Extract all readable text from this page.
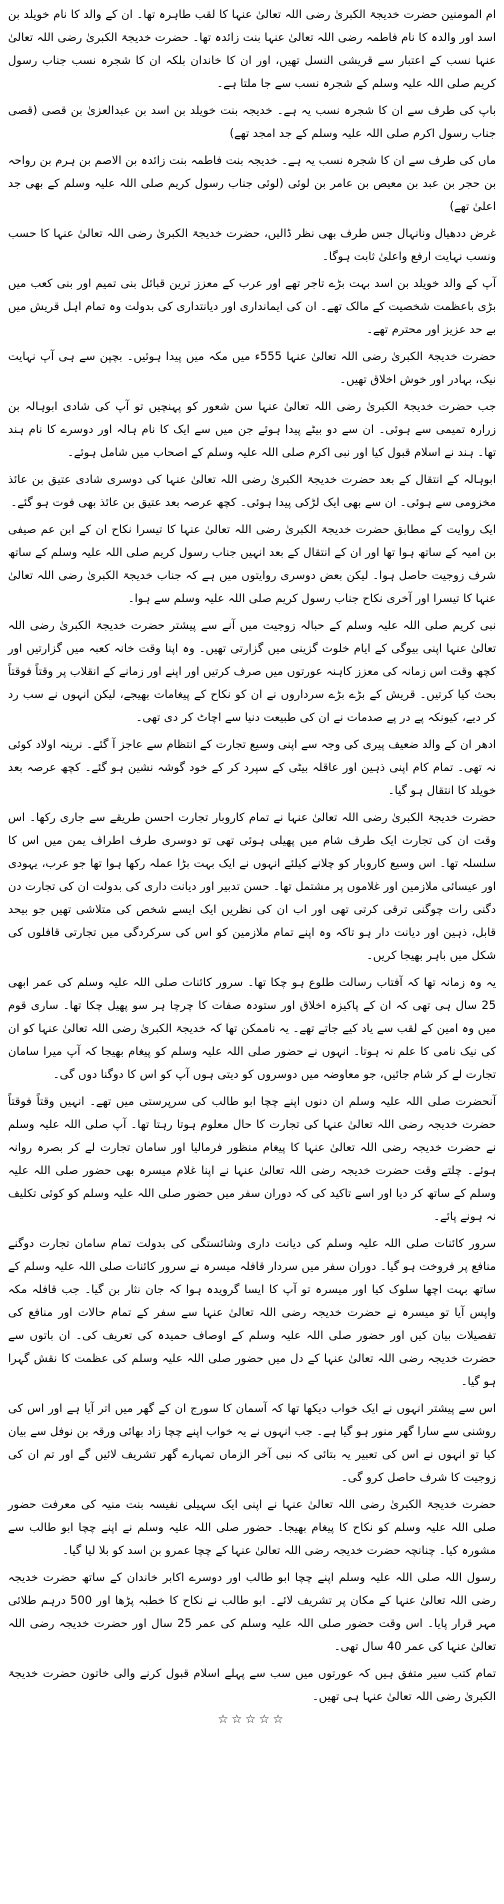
ام المومنین حضرت خدیجۃ الکبریٰ رضی اللہ تعالیٰ عنہا کا لقب طاہرہ تھا۔ ان کے والد کا نام خویلد بن اسد اور والدہ کا نام فاطمہ رضی اللہ تعالیٰ عنہا بنت زائدہ تھا۔ حضرت خدیجۃ الکبریٰ رضی اللہ تعالیٰ عنہا نسب کے اعتبار سے قریشی النسل تھیں، اور ان کا خاندان بلکہ ان کا شجرہ نسب جناب رسول کریم صلی اللہ علیہ وسلم کے شجرہ نسب سے جا ملتا ہے۔

باپ کی طرف سے ان کا شجرہ نسب یہ ہے۔ خدیجہ بنت خویلد بن اسد بن عبدالعزیٰ بن قصی (قصی جناب رسول اکرم صلی اللہ علیہ وسلم کے جد امجد تھے)

ماں کی طرف سے ان کا شجرہ نسب یہ ہے۔ خدیجہ بنت فاطمہ بنت زائدہ بن الاصم بن ہرم بن رواحہ بن حجر بن عبد بن معیص بن عامر بن لوئی (لوئی جناب رسول کریم صلی اللہ علیہ وسلم کے بھی جد اعلیٰ تھے)

غرض ددھیال ونانہال جس طرف بھی نظر ڈالیں، حضرت خدیجۃ الکبریٰ رضی اللہ تعالیٰ عنہا کا حسب ونسب نہایت ارفع واعلیٰ ثابت ہوگا۔

آپ کے والد خویلد بن اسد بہت بڑے تاجر تھے اور عرب کے معزز ترین قبائل بنی تمیم اور بنی کعب میں بڑی باعظمت شخصیت کے مالک تھے۔ ان کی ایمانداری اور دیانتداری کی بدولت وہ تمام اہل قریش میں بے حد عزیز اور محترم تھے۔

حضرت خدیجۃ الکبریٰ رضی اللہ تعالیٰ عنہا 555ء میں مکہ میں پیدا ہوئیں۔ بچپن سے ہی آپ نہایت نیک، بہادر اور خوش اخلاق تھیں۔

جب حضرت خدیجۃ الکبریٰ رضی اللہ تعالیٰ عنہا سن شعور کو پہنچیں تو آپ کی شادی ابوہالہ بن زرارہ تمیمی سے ہوئی۔ ان سے دو بیٹے پیدا ہوئے جن میں سے ایک کا نام ہالہ اور دوسرے کا نام ہند تھا۔ ہند نے اسلام قبول کیا اور نبی اکرم صلی اللہ علیہ وسلم کے اصحاب میں شامل ہوئے۔

ابوہالہ کے انتقال کے بعد حضرت خدیجۃ الکبریٰ رضی اللہ تعالیٰ عنہا کی دوسری شادی عتیق بن عائذ مخزومی سے ہوئی۔ ان سے بھی ایک لڑکی پیدا ہوئی۔ کچھ عرصہ بعد عتیق بن عائذ بھی فوت ہو گئے۔

ایک روایت کے مطابق حضرت خدیجۃ الکبریٰ رضی اللہ تعالیٰ عنہا کا تیسرا نکاح ان کے ابن عم صیفی بن امیہ کے ساتھ ہوا تھا اور ان کے انتقال کے بعد انہیں جناب رسول کریم صلی اللہ علیہ وسلم کے ساتھ شرف زوجیت حاصل ہوا۔ لیکن بعض دوسری روایتوں میں ہے کہ جناب خدیجۃ الکبریٰ رضی اللہ تعالیٰ عنہا کا تیسرا اور آخری نکاح جناب رسول کریم صلی اللہ علیہ وسلم سے ہوا۔

نبی کریم صلی اللہ علیہ وسلم کے حبالہ زوجیت میں آنے سے پیشتر حضرت خدیجۃ الکبریٰ رضی اللہ تعالیٰ عنہا اپنی بیوگی کے ایام خلوت گزینی میں گزارتی تھیں۔ وہ اپنا وقت خانہ کعبہ میں گزارتیں اور کچھ وقت اس زمانہ کی معزز کاہنہ عورتوں میں صرف کرتیں اور اپنے اور زمانے کے انقلاب پر وقتاً فوقتاً بحث کیا کرتیں۔ قریش کے بڑے بڑے سرداروں نے ان کو نکاح کے پیغامات بھیجے، لیکن انہوں نے سب رد کر دیے، کیونکہ پے در پے صدمات نے ان کی طبیعت دنیا سے اچاٹ کر دی تھی۔

ادھر ان کے والد ضعیف پیری کی وجہ سے اپنی وسیع تجارت کے انتظام سے عاجز آ گئے۔ نرینہ اولاد کوئی نہ تھی۔ تمام کام اپنی ذہین اور عاقلہ بیٹی کے سپرد کر کے خود گوشہ نشین ہو گئے۔ کچھ عرصہ بعد خویلد کا انتقال ہو گیا۔

حضرت خدیجۃ الکبریٰ رضی اللہ تعالیٰ عنہا نے تمام کاروبار تجارت احسن طریقے سے جاری رکھا۔ اس وقت ان کی تجارت ایک طرف شام میں پھیلی ہوئی تھی تو دوسری طرف اطراف یمن میں اس کا سلسلہ تھا۔ اس وسیع کاروبار کو چلانے کیلئے انہوں نے ایک بہت بڑا عملہ رکھا ہوا تھا جو عرب، یہودی اور عیسائی ملازمین اور غلاموں پر مشتمل تھا۔ حسن تدبیر اور دیانت داری کی بدولت ان کی تجارت دن دگنی رات چوگنی ترقی کرتی تھی اور اب ان کی نظریں ایک ایسے شخص کی متلاشی تھیں جو بیحد قابل، ذہین اور دیانت دار ہو تاکہ وہ اپنے تمام ملازمین کو اس کی سرکردگی میں تجارتی قافلوں کی شکل میں باہر بھیجا کریں۔

یہ وہ زمانہ تھا کہ آفتاب رسالت طلوع ہو چکا تھا۔ سرور کائنات صلی اللہ علیہ وسلم کی عمر ابھی 25 سال ہی تھی کہ ان کے پاکیزہ اخلاق اور ستودہ صفات کا چرچا ہر سو پھیل چکا تھا۔ ساری قوم میں وہ امین کے لقب سے یاد کیے جاتے تھے۔ یہ ناممکن تھا کہ خدیجۃ الکبریٰ رضی اللہ تعالیٰ عنہا کو ان کی نیک نامی کا علم نہ ہوتا۔ انہوں نے حضور صلی اللہ علیہ وسلم کو پیغام بھیجا کہ آپ میرا سامان تجارت لے کر شام جائیں، جو معاوضہ میں دوسروں کو دیتی ہوں آپ کو اس کا دوگنا دوں گی۔

آنحضرت صلی اللہ علیہ وسلم ان دنوں اپنے چچا ابو طالب کی سرپرستی میں تھے۔ انہیں وقتاً فوقتاً حضرت خدیجہ رضی اللہ تعالیٰ عنہا کی تجارت کا حال معلوم ہوتا رہتا تھا۔ آپ صلی اللہ علیہ وسلم نے حضرت خدیجہ رضی اللہ تعالیٰ عنہا کا پیغام منظور فرمالیا اور سامان تجارت لے کر بصرہ روانہ ہوئے۔ چلتے وقت حضرت خدیجہ رضی اللہ تعالیٰ عنہا نے اپنا غلام میسرہ بھی حضور صلی اللہ علیہ وسلم کے ساتھ کر دیا اور اسے تاکید کی کہ دوران سفر میں حضور صلی اللہ علیہ وسلم کو کوئی تکلیف نہ ہونے پائے۔

سرور کائنات صلی اللہ علیہ وسلم کی دیانت داری وشائستگی کی بدولت تمام سامان تجارت دوگنے منافع پر فروخت ہو گیا۔ دوران سفر میں سردار قافلہ میسرہ نے سرور کائنات صلی اللہ علیہ وسلم کے ساتھ بہت اچھا سلوک کیا اور میسرہ تو آپ کا ایسا گرویدہ ہوا کہ جان نثار بن گیا۔ جب قافلہ مکہ واپس آیا تو میسرہ نے حضرت خدیجہ رضی اللہ تعالیٰ عنہا سے سفر کے تمام حالات اور منافع کی تفصیلات بیان کیں اور حضور صلی اللہ علیہ وسلم کے اوصاف حمیدہ کی تعریف کی۔ ان باتوں سے حضرت خدیجہ رضی اللہ تعالیٰ عنہا کے دل میں حضور صلی اللہ علیہ وسلم کی عظمت کا نقش گہرا ہو گیا۔

اس سے پیشتر انہوں نے ایک خواب دیکھا تھا کہ آسمان کا سورج ان کے گھر میں اتر آیا ہے اور اس کی روشنی سے سارا گھر منور ہو گیا ہے۔ جب انہوں نے یہ خواب اپنے چچا زاد بھائی ورقہ بن نوفل سے بیان کیا تو انہوں نے اس کی تعبیر یہ بتائی کہ نبی آخر الزماں تمہارے گھر تشریف لائیں گے اور تم ان کی زوجیت کا شرف حاصل کرو گی۔

حضرت خدیجۃ الکبریٰ رضی اللہ تعالیٰ عنہا نے اپنی ایک سہیلی نفیسہ بنت منیہ کی معرفت حضور صلی اللہ علیہ وسلم کو نکاح کا پیغام بھیجا۔ حضور صلی اللہ علیہ وسلم نے اپنے چچا ابو طالب سے مشورہ کیا۔ چنانچہ حضرت خدیجہ رضی اللہ تعالیٰ عنہا کے چچا عمرو بن اسد کو بلا لیا گیا۔

رسول اللہ صلی اللہ علیہ وسلم اپنے چچا ابو طالب اور دوسرے اکابر خاندان کے ساتھ حضرت خدیجہ رضی اللہ تعالیٰ عنہا کے مکان پر تشریف لائے۔ ابو طالب نے نکاح کا خطبہ پڑھا اور 500 درہم طلائی مہر قرار پایا۔ اس وقت حضور صلی اللہ علیہ وسلم کی عمر 25 سال اور حضرت خدیجہ رضی اللہ تعالیٰ عنہا کی عمر 40 سال تھی۔

تمام کتب سیر متفق ہیں کہ عورتوں میں سب سے پہلے اسلام قبول کرنے والی خاتون حضرت خدیجۃ الکبریٰ رضی اللہ تعالیٰ عنہا ہی تھیں۔

☆☆☆☆☆
